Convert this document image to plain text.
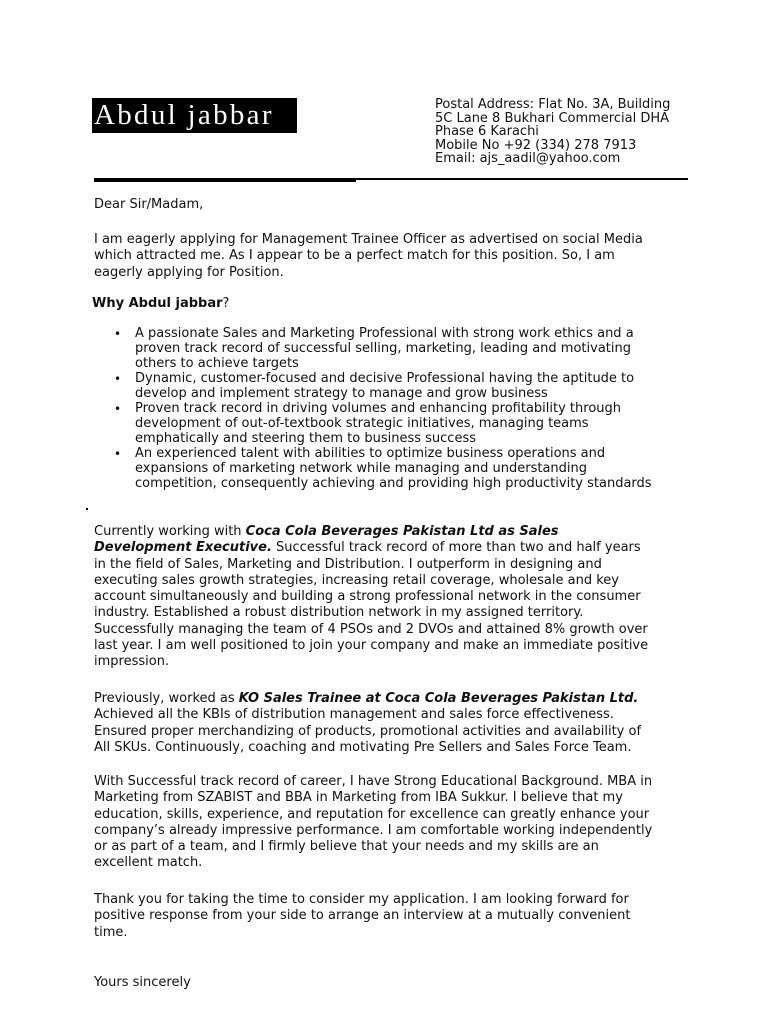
Abdul jabbar	Postal Address: Flat No. 3A, Building
5C Lane 8 Bukhari Commercial DHA
Phase 6 Karachi
Mobile No +92 (334) 278 7913
Email: ajs_aadil@yahoo.com
Dear Sir/Madam,
I am eagerly applying for Management Trainee Officer as advertised on social Media which attracted me. As I appear to be a perfect match for this position. So, I am eagerly applying for Position.
Why Abdul jabbar?
• A passionate Sales and Marketing Professional with strong work ethics and a proven track record of successful selling, marketing, leading and motivating others to achieve targets
• Dynamic, customer-focused and decisive Professional having the aptitude to develop and implement strategy to manage and grow business
• Proven track record in driving volumes and enhancing profitability through development of out-of-textbook strategic initiatives, managing teams emphatically and steering them to business success
• An experienced talent with abilities to optimize business operations and expansions of marketing network while managing and understanding competition, consequently achieving and providing high productivity standards
Currently working with Coca Cola Beverages Pakistan Ltd as Sales Development Executive. Successful track record of more than two and half years in the field of Sales, Marketing and Distribution. I outperform in designing and executing sales growth strategies, increasing retail coverage, wholesale and key account simultaneously and building a strong professional network in the consumer industry. Established a robust distribution network in my assigned territory. Successfully managing the team of 4 PSOs and 2 DVOs and attained 8% growth over last year. I am well positioned to join your company and make an immediate positive impression.
Previously, worked as KO Sales Trainee at Coca Cola Beverages Pakistan Ltd. Achieved all the KBIs of distribution management and sales force effectiveness. Ensured proper merchandizing of products, promotional activities and availability of All SKUs. Continuously, coaching and motivating Pre Sellers and Sales Force Team.
With Successful track record of career, I have Strong Educational Background. MBA in Marketing from SZABIST and BBA in Marketing from IBA Sukkur. I believe that my education, skills, experience, and reputation for excellence can greatly enhance your company’s already impressive performance. I am comfortable working independently or as part of a team, and I firmly believe that your needs and my skills are an excellent match.
Thank you for taking the time to consider my application. I am looking forward for positive response from your side to arrange an interview at a mutually convenient time.
Yours sincerely
